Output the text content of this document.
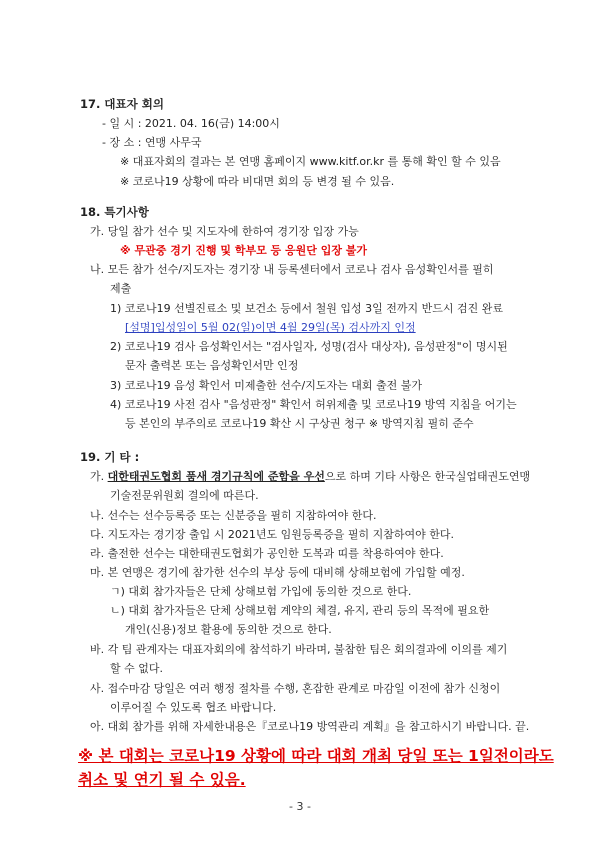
17. 대표자 회의
- 일 시 : 2021. 04. 16(금) 14:00시
- 장 소 : 연맹 사무국
※ 대표자회의 결과는 본 연맹 홈페이지 www.kitf.or.kr 를 통해 확인 할 수 있음
※ 코로나19 상황에 따라 비대면 회의 등 변경 될 수 있음.
18. 특기사항
가. 당일 참가 선수 및 지도자에 한하여 경기장 입장 가능
※ 무관중 경기 진행 및 학부모 등 응원단 입장 불가
나. 모든 참가 선수/지도자는 경기장 내 등록센터에서 코로나 검사 음성확인서를 필히
제출
1) 코로나19 선별진료소 및 보건소 등에서 철원 입성 3일 전까지 반드시 검진 완료
[설명]입성일이 5월 02(일)이면 4월 29일(목) 검사까지 인정
2) 코로나19 검사 음성확인서는 "검사일자, 성명(검사 대상자), 음성판정"이 명시된
문자 출력본 또는 음성확인서만 인정
3) 코로나19 음성 확인서 미제출한 선수/지도자는 대회 출전 불가
4) 코로나19 사전 검사 "음성판정" 확인서 허위제출 및 코로나19 방역 지침을 어기는
등 본인의 부주의로 코로나19 확산 시 구상권 청구 ※ 방역지침 필히 준수
19. 기 타 :
가. 대한태권도협회 품새 경기규칙에 준함을 우선으로 하며 기타 사항은 한국실업태권도연맹
기술전문위원회 결의에 따른다.
나. 선수는 선수등록증 또는 신분증을 필히 지참하여야 한다.
다. 지도자는 경기장 출입 시 2021년도 임원등록증을 필히 지참하여야 한다.
라. 출전한 선수는 대한태권도협회가 공인한 도복과 띠를 착용하여야 한다.
마. 본 연맹은 경기에 참가한 선수의 부상 등에 대비해 상해보험에 가입할 예정.
ㄱ) 대회 참가자들은 단체 상해보험 가입에 동의한 것으로 한다.
ㄴ) 대회 참가자들은 단체 상해보험 계약의 체결, 유지, 관리 등의 목적에 필요한
개인(신용)정보 활용에 동의한 것으로 한다.
바. 각 팀 관계자는 대표자회의에 참석하기 바라며, 불참한 팀은 회의결과에 이의를 제기
할 수 없다.
사. 접수마감 당일은 여러 행정 절차를 수행, 혼잡한 관계로 마감일 이전에 참가 신청이
이루어질 수 있도록 협조 바랍니다.
아. 대회 참가를 위해 자세한내용은『코로나19 방역관리 계획』을 참고하시기 바랍니다. 끝.
※ 본 대회는 코로나19 상황에 따라 대회 개최 당일 또는 1일전이라도
취소 및 연기 될 수 있음.
- 3 -
